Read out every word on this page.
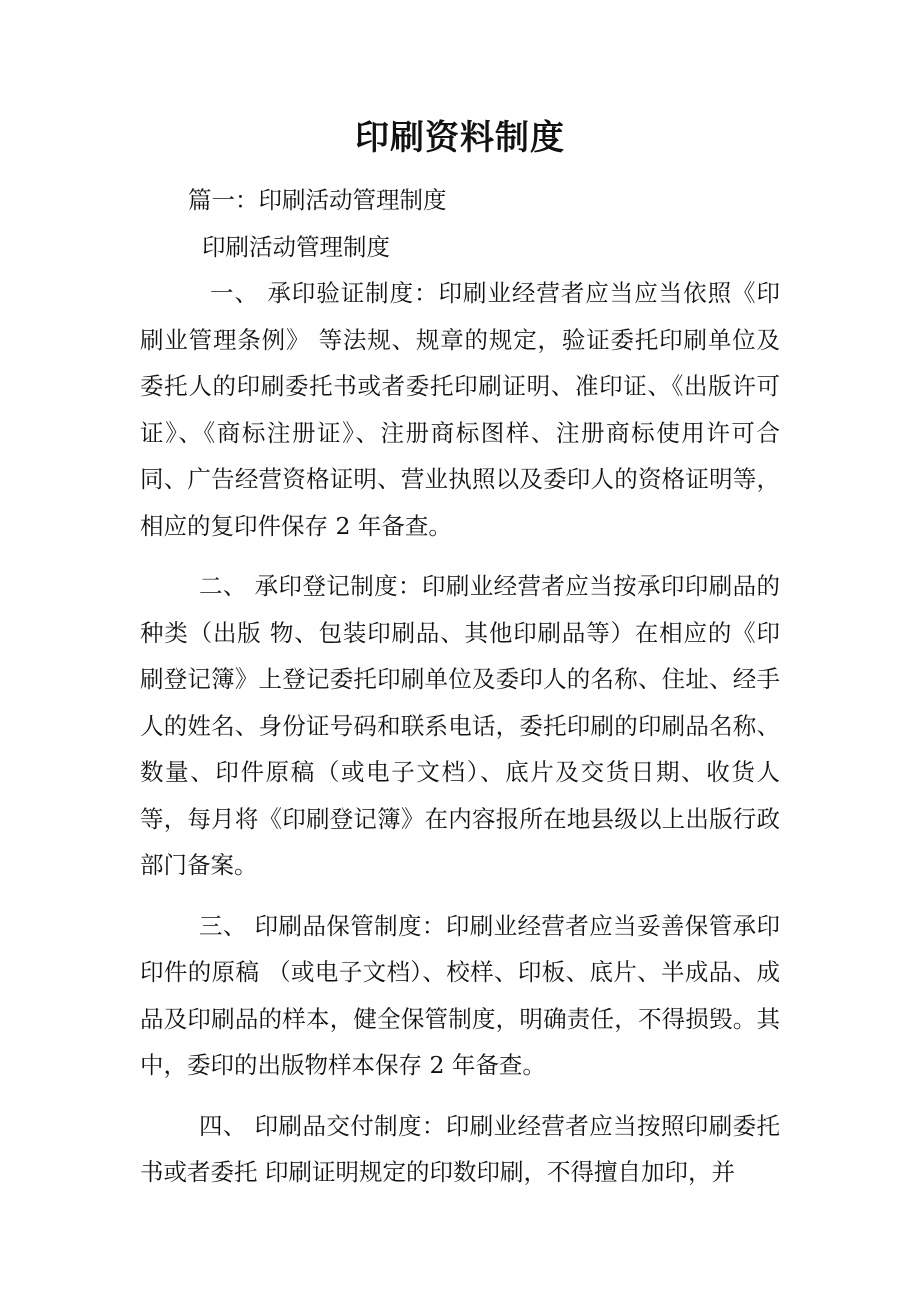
印刷资料制度

篇一：印刷活动管理制度

印刷活动管理制度

一、 承印验证制度：印刷业经营者应当应当依照《印刷业管理条例》 等法规、规章的规定，验证委托印刷单位及委托人的印刷委托书或者委托印刷证明、准印证、《出版许可证》、《商标注册证》、注册商标图样、注册商标使用许可合同、广告经营资格证明、营业执照以及委印人的资格证明等，相应的复印件保存 2 年备查。

二、 承印登记制度：印刷业经营者应当按承印印刷品的种类（出版 物、包装印刷品、其他印刷品等）在相应的《印刷登记簿》上登记委托印刷单位及委印人的名称、住址、经手人的姓名、身份证号码和联系电话，委托印刷的印刷品名称、数量、印件原稿（或电子文档）、底片及交货日期、收货人等，每月将《印刷登记簿》在内容报所在地县级以上出版行政部门备案。

三、 印刷品保管制度：印刷业经营者应当妥善保管承印印件的原稿 （或电子文档）、校样、印板、底片、半成品、成品及印刷品的样本，健全保管制度，明确责任，不得损毁。其中，委印的出版物样本保存 2 年备查。

四、 印刷品交付制度：印刷业经营者应当按照印刷委托书或者委托 印刷证明规定的印数印刷，不得擅自加印，并
